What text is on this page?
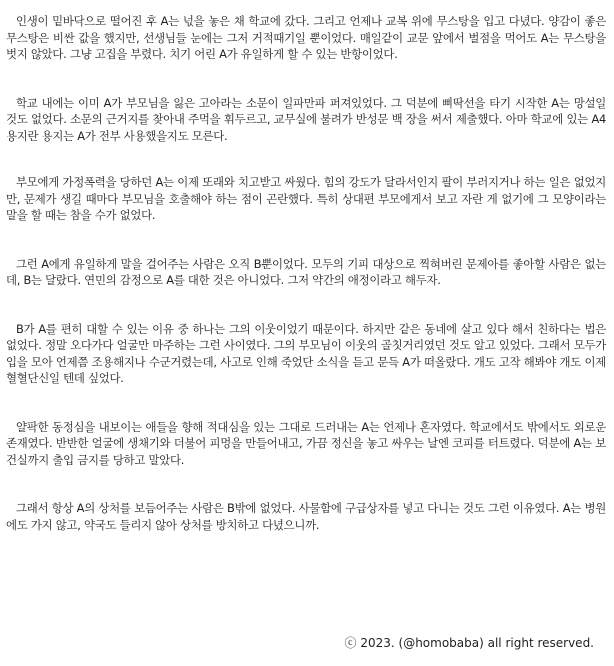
인생이 밑바닥으로 떨어진 후 A는 넋을 놓은 채 학교에 갔다. 그리고 언제나 교복 위에 무스탕을 입고 다녔다. 양감이 좋은 무스탕은 비싼 값을 했지만, 선생님들 눈에는 그저 거적때기일 뿐이었다. 매일같이 교문 앞에서 벌점을 먹어도 A는 무스탕을 벗지 않았다. 그냥 고집을 부렸다. 치기 어린 A가 유일하게 할 수 있는 반항이었다.

학교 내에는 이미 A가 부모님을 잃은 고아라는 소문이 일파만파 퍼져있었다. 그 덕분에 삐딱선을 타기 시작한 A는 망설일 것도 없었다. 소문의 근거지를 찾아내 주먹을 휘두르고, 교무실에 불려가 반성문 백 장을 써서 제출했다. 아마 학교에 있는 A4용지란 용지는 A가 전부 사용했을지도 모른다.

부모에게 가정폭력을 당하던 A는 이제 또래와 치고받고 싸웠다. 힘의 강도가 달라서인지 팔이 부러지거나 하는 일은 없었지만, 문제가 생길 때마다 부모님을 호출해야 하는 점이 곤란했다. 특히 상대편 부모에게서 보고 자란 게 없기에 그 모양이라는 말을 할 때는 참을 수가 없었다.

그런 A에게 유일하게 말을 걸어주는 사람은 오직 B뿐이었다. 모두의 기피 대상으로 찍혀버린 문제아를 좋아할 사람은 없는데, B는 달랐다. 연민의 감정으로 A를 대한 것은 아니었다. 그저 약간의 애정이라고 해두자.

B가 A를 편히 대할 수 있는 이유 중 하나는 그의 이웃이었기 때문이다. 하지만 같은 동네에 살고 있다 해서 친하다는 법은 없었다. 정말 오다가다 얼굴만 마주하는 그런 사이였다. 그의 부모님이 이웃의 골칫거리였던 것도 알고 있었다. 그래서 모두가 입을 모아 언제쯤 조용해지나 수군거렸는데, 사고로 인해 죽었단 소식을 듣고 문득 A가 떠올랐다. 개도 고작 해봐야 개도 이제 혈혈단신일 텐데 싶었다.

얄팍한 동정심을 내보이는 애들을 향해 적대심을 있는 그대로 드러내는 A는 언제나 혼자였다. 학교에서도 밖에서도 외로운 존재였다. 반반한 얼굴에 생채기와 더불어 피멍을 만들어내고, 가끔 정신을 놓고 싸우는 날엔 코피를 터트렸다. 덕분에 A는 보건실까지 출입 금지를 당하고 말았다.

그래서 항상 A의 상처를 보듬어주는 사람은 B밖에 없었다. 사물함에 구급상자를 넣고 다니는 것도 그런 이유였다. A는 병원에도 가지 않고, 약국도 들리지 않아 상처를 방치하고 다녔으니까.

ⓒ 2023. (@homobaba) all right reserved.
